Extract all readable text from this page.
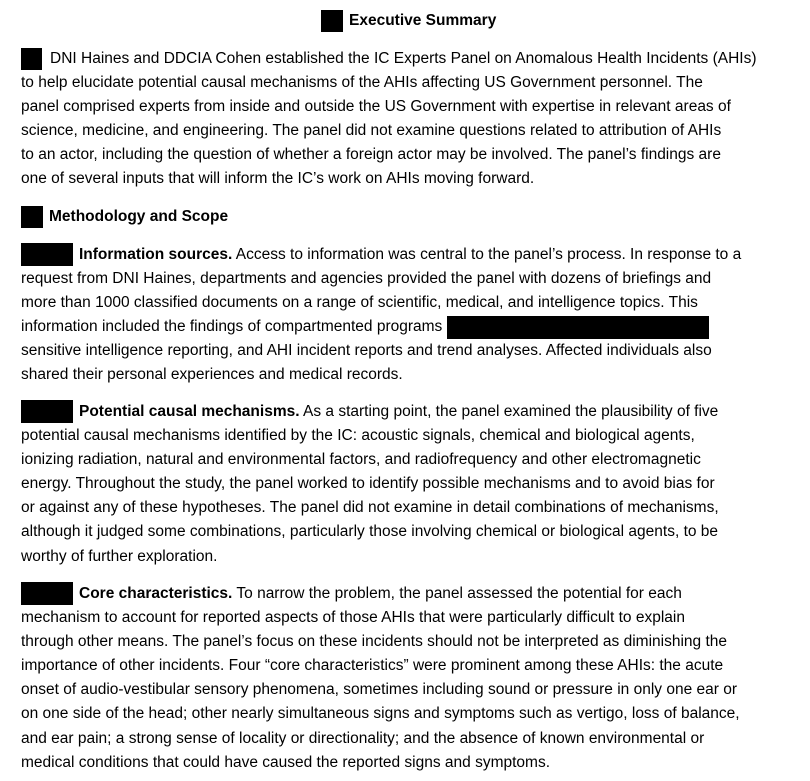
Executive Summary
DNI Haines and DDCIA Cohen established the IC Experts Panel on Anomalous Health Incidents (AHIs)
to help elucidate potential causal mechanisms of the AHIs affecting US Government personnel. The
panel comprised experts from inside and outside the US Government with expertise in relevant areas of
science, medicine, and engineering. The panel did not examine questions related to attribution of AHIs
to an actor, including the question of whether a foreign actor may be involved. The panel’s findings are
one of several inputs that will inform the IC’s work on AHIs moving forward.
Methodology and Scope
Information sources. Access to information was central to the panel’s process. In response to a
request from DNI Haines, departments and agencies provided the panel with dozens of briefings and
more than 1000 classified documents on a range of scientific, medical, and intelligence topics. This
information included the findings of compartmented programs
sensitive intelligence reporting, and AHI incident reports and trend analyses. Affected individuals also
shared their personal experiences and medical records.
Potential causal mechanisms. As a starting point, the panel examined the plausibility of five
potential causal mechanisms identified by the IC: acoustic signals, chemical and biological agents,
ionizing radiation, natural and environmental factors, and radiofrequency and other electromagnetic
energy. Throughout the study, the panel worked to identify possible mechanisms and to avoid bias for
or against any of these hypotheses. The panel did not examine in detail combinations of mechanisms,
although it judged some combinations, particularly those involving chemical or biological agents, to be
worthy of further exploration.
Core characteristics. To narrow the problem, the panel assessed the potential for each
mechanism to account for reported aspects of those AHIs that were particularly difficult to explain
through other means. The panel’s focus on these incidents should not be interpreted as diminishing the
importance of other incidents. Four “core characteristics” were prominent among these AHIs: the acute
onset of audio-vestibular sensory phenomena, sometimes including sound or pressure in only one ear or
on one side of the head; other nearly simultaneous signs and symptoms such as vertigo, loss of balance,
and ear pain; a strong sense of locality or directionality; and the absence of known environmental or
medical conditions that could have caused the reported signs and symptoms.
